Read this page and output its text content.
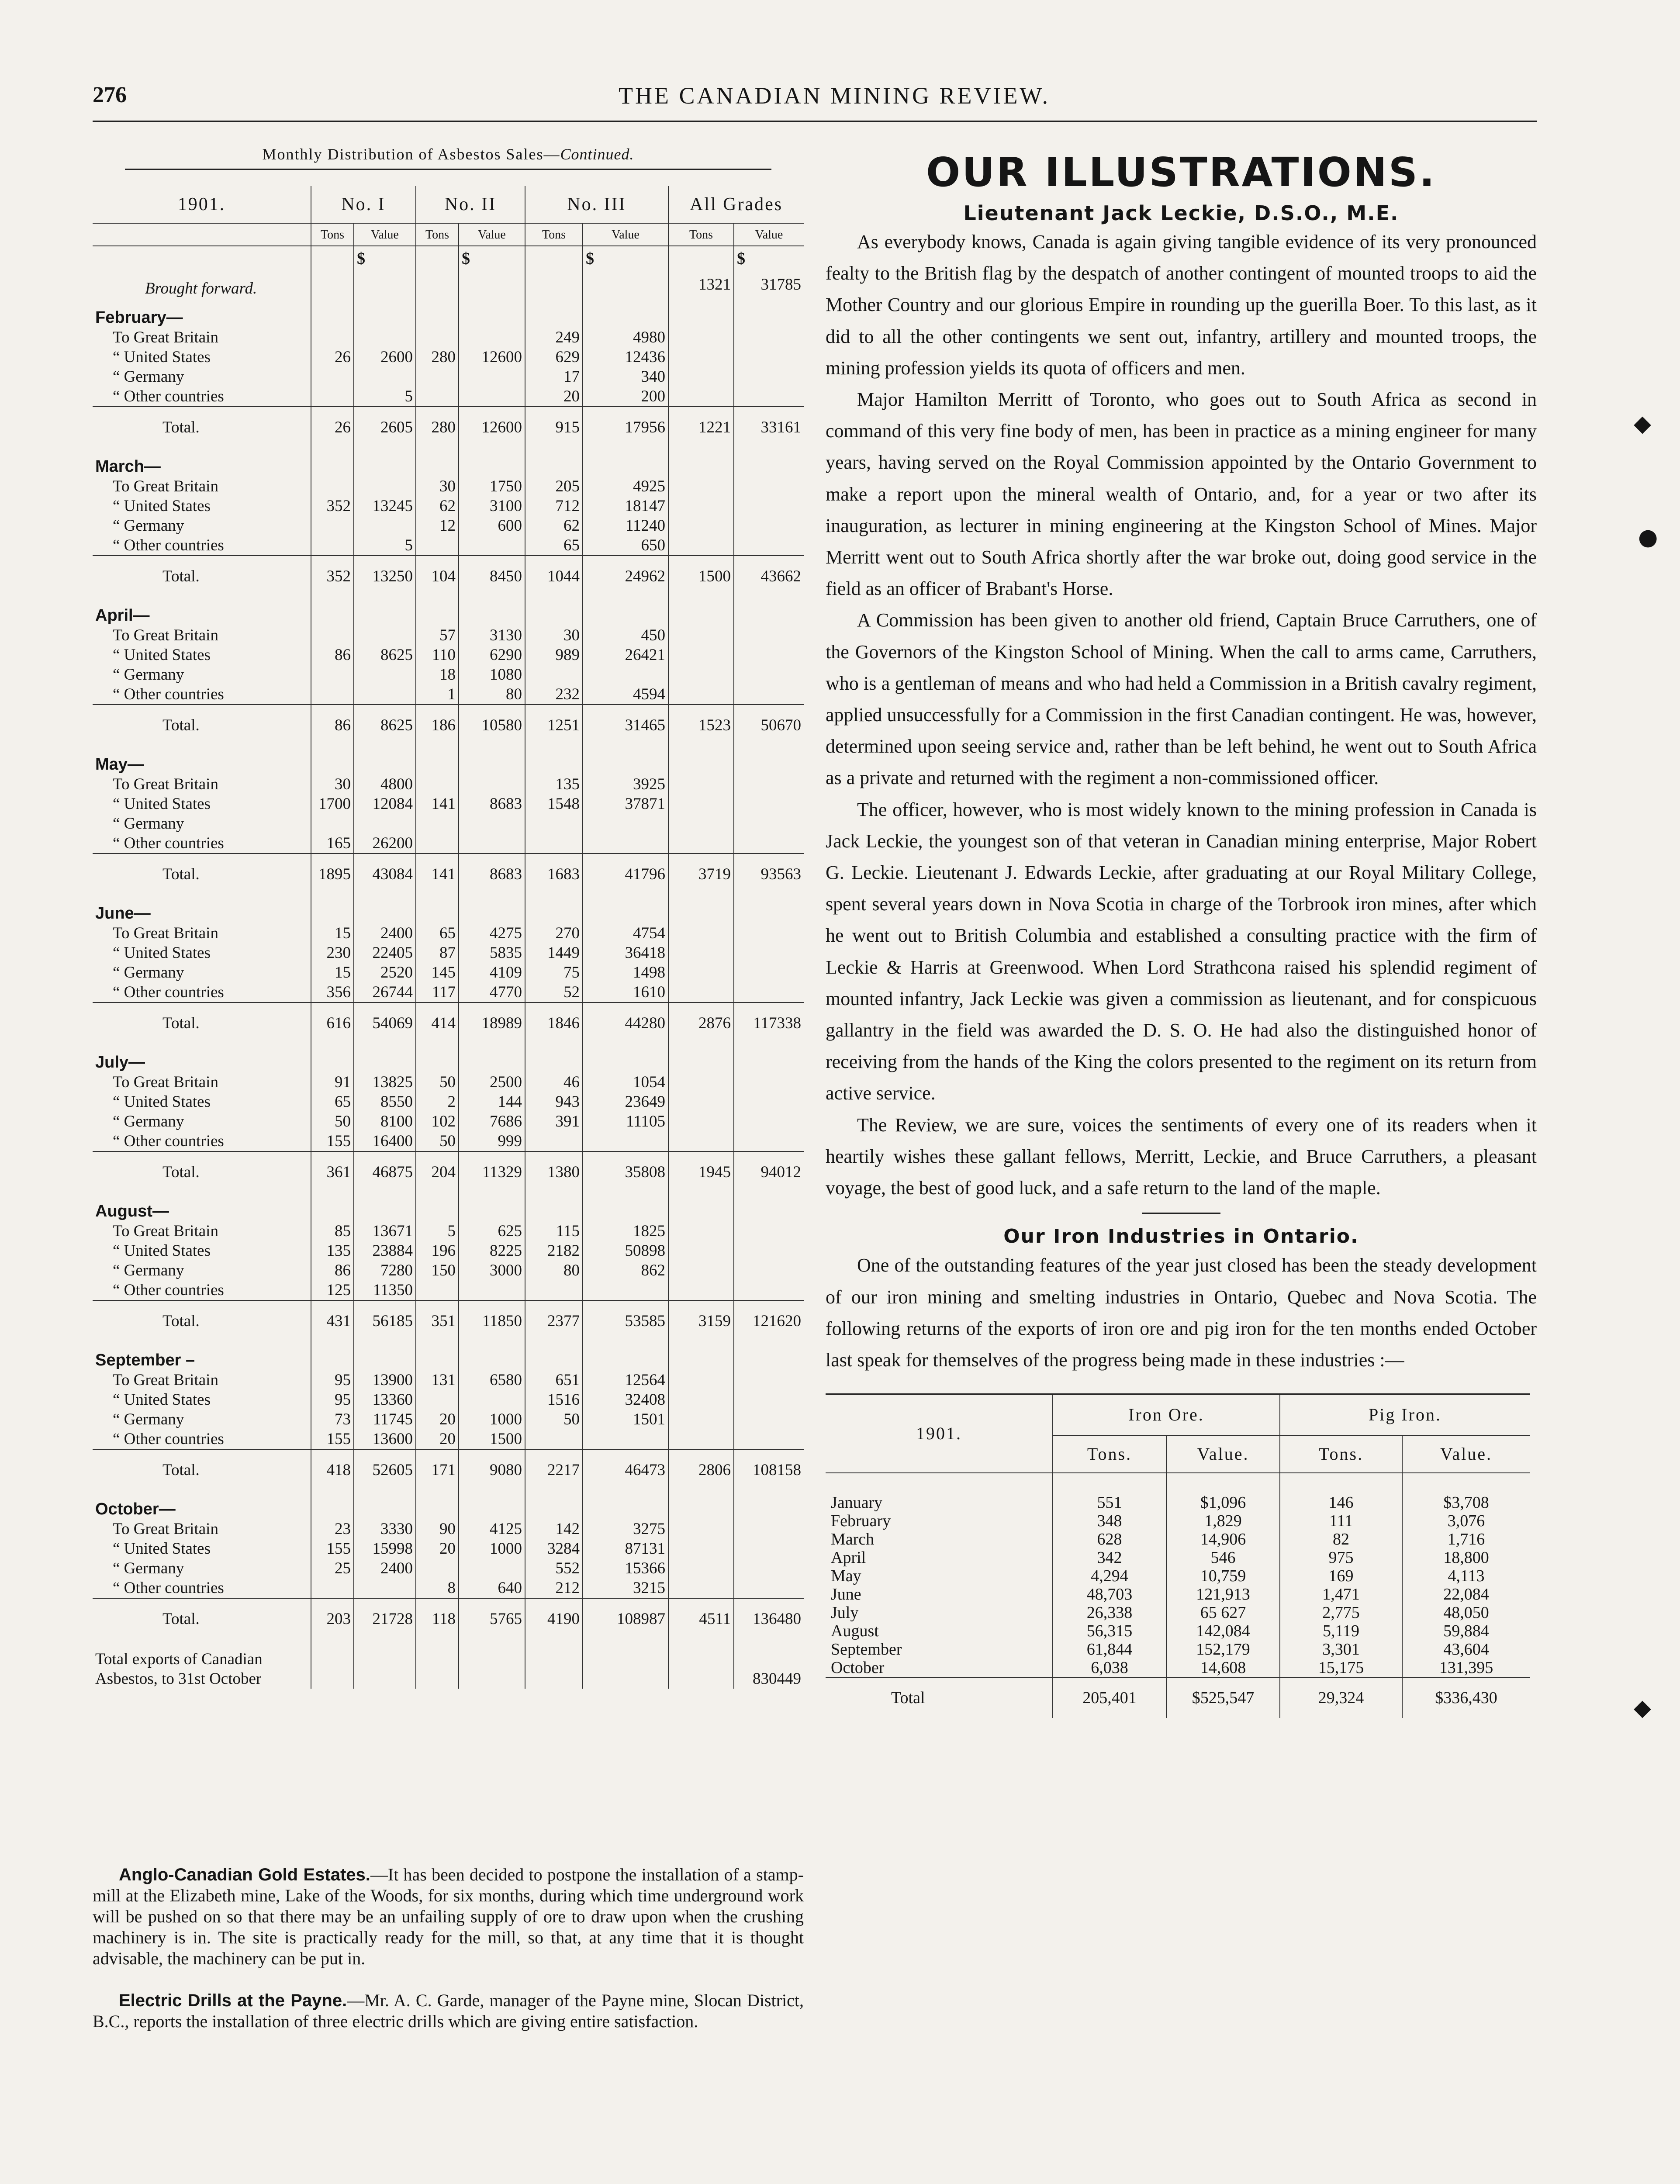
276	THE CANADIAN MINING REVIEW.
Monthly Distribution of Asbestos Sales—Continued.
1901.	No. I		No. II		No. III		All Grades	
	Tons	Value	Tons	Value	Tons	Value	Tons	Value
		$		$		$		$
Brought forward.							1321	31785
February—								
To Great Britain					249	4980		
“ United States	26	2600	280	12600	629	12436		
“ Germany					17	340		
“ Other countries		5			20	200		
Total.	26	2605	280	12600	915	17956	1221	33161
March—								
To Great Britain			30	1750	205	4925		
“ United States	352	13245	62	3100	712	18147		
“ Germany			12	600	62	11240		
“ Other countries		5			65	650		
Total.	352	13250	104	8450	1044	24962	1500	43662
April—								
To Great Britain			57	3130	30	450		
“ United States	86	8625	110	6290	989	26421		
“ Germany			18	1080				
“ Other countries			1	80	232	4594		
Total.	86	8625	186	10580	1251	31465	1523	50670
May—								
To Great Britain	30	4800			135	3925		
“ United States	1700	12084	141	8683	1548	37871		
“ Germany								
“ Other countries	165	26200						
Total.	1895	43084	141	8683	1683	41796	3719	93563
June—								
To Great Britain	15	2400	65	4275	270	4754		
“ United States	230	22405	87	5835	1449	36418		
“ Germany	15	2520	145	4109	75	1498		
“ Other countries	356	26744	117	4770	52	1610		
Total.	616	54069	414	18989	1846	44280	2876	117338
July—								
To Great Britain	91	13825	50	2500	46	1054		
“ United States	65	8550	2	144	943	23649		
“ Germany	50	8100	102	7686	391	11105		
“ Other countries	155	16400	50	999				
Total.	361	46875	204	11329	1380	35808	1945	94012
August—								
To Great Britain	85	13671	5	625	115	1825		
“ United States	135	23884	196	8225	2182	50898		
“ Germany	86	7280	150	3000	80	862		
“ Other countries	125	11350						
Total.	431	56185	351	11850	2377	53585	3159	121620
September –								
To Great Britain	95	13900	131	6580	651	12564		
“ United States	95	13360			1516	32408		
“ Germany	73	11745	20	1000	50	1501		
“ Other countries	155	13600	20	1500				
Total.	418	52605	171	9080	2217	46473	2806	108158
October—								
To Great Britain	23	3330	90	4125	142	3275		
“ United States	155	15998	20	1000	3284	87131		
“ Germany	25	2400			552	15366		
“ Other countries			8	640	212	3215		
Total.	203	21728	118	5765	4190	108987	4511	136480
Total exports of Canadian Asbestos, to 31st October								830449

Anglo-Canadian Gold Estates.—It has been decided to postpone the installation of a stamp-mill at the Elizabeth mine, Lake of the Woods, for six months, during which time underground work will be pushed on so that there may be an unfailing supply of ore to draw upon when the crushing machinery is in. The site is practically ready for the mill, so that, at any time that it is thought advisable, the machinery can be put in.

Electric Drills at the Payne.—Mr. A. C. Garde, manager of the Payne mine, Slocan District, B.C., reports the installation of three electric drills which are giving entire satisfaction.

OUR ILLUSTRATIONS.
Lieutenant Jack Leckie, D.S.O., M.E.

As everybody knows, Canada is again giving tangible evidence of its very pronounced fealty to the British flag by the despatch of another contingent of mounted troops to aid the Mother Country and our glorious Empire in rounding up the guerilla Boer. To this last, as it did to all the other contingents we sent out, infantry, artillery and mounted troops, the mining profession yields its quota of officers and men.

Major Hamilton Merritt of Toronto, who goes out to South Africa as second in command of this very fine body of men, has been in practice as a mining engineer for many years, having served on the Royal Commission appointed by the Ontario Government to make a report upon the mineral wealth of Ontario, and, for a year or two after its inauguration, as lecturer in mining engineering at the Kingston School of Mines. Major Merritt went out to South Africa shortly after the war broke out, doing good service in the field as an officer of Brabant's Horse.

A Commission has been given to another old friend, Captain Bruce Carruthers, one of the Governors of the Kingston School of Mining. When the call to arms came, Carruthers, who is a gentleman of means and who had held a Commission in a British cavalry regiment, applied unsuccessfully for a Commission in the first Canadian contingent. He was, however, determined upon seeing service and, rather than be left behind, he went out to South Africa as a private and returned with the regiment a non-commissioned officer.

The officer, however, who is most widely known to the mining profession in Canada is Jack Leckie, the youngest son of that veteran in Canadian mining enterprise, Major Robert G. Leckie. Lieutenant J. Edwards Leckie, after graduating at our Royal Military College, spent several years down in Nova Scotia in charge of the Torbrook iron mines, after which he went out to British Columbia and established a consulting practice with the firm of Leckie & Harris at Greenwood. When Lord Strathcona raised his splendid regiment of mounted infantry, Jack Leckie was given a commission as lieutenant, and for conspicuous gallantry in the field was awarded the D. S. O. He had also the distinguished honor of receiving from the hands of the King the colors presented to the regiment on its return from active service.

The Review, we are sure, voices the sentiments of every one of its readers when it heartily wishes these gallant fellows, Merritt, Leckie, and Bruce Carruthers, a pleasant voyage, the best of good luck, and a safe return to the land of the maple.

Our Iron Industries in Ontario.

One of the outstanding features of the year just closed has been the steady development of our iron mining and smelting industries in Ontario, Quebec and Nova Scotia. The following returns of the exports of iron ore and pig iron for the ten months ended October last speak for themselves of the progress being made in these industries :—

1901.	Iron Ore.		Pig Iron.	
	Tons.	Value.	Tons.	Value.

January	551	$1,096	146	$3,708
February	348	1,829	111	3,076
March	628	14,906	82	1,716
April	342	546	975	18,800
May	4,294	10,759	169	4,113
June	48,703	121,913	1,471	22,084
July	26,338	65 627	2,775	48,050
August	56,315	142,084	5,119	59,884
September	61,844	152,179	3,301	43,604
October	6,038	14,608	15,175	131,395
Total	205,401	$525,547	29,324	$336,430
◆
●
◆
